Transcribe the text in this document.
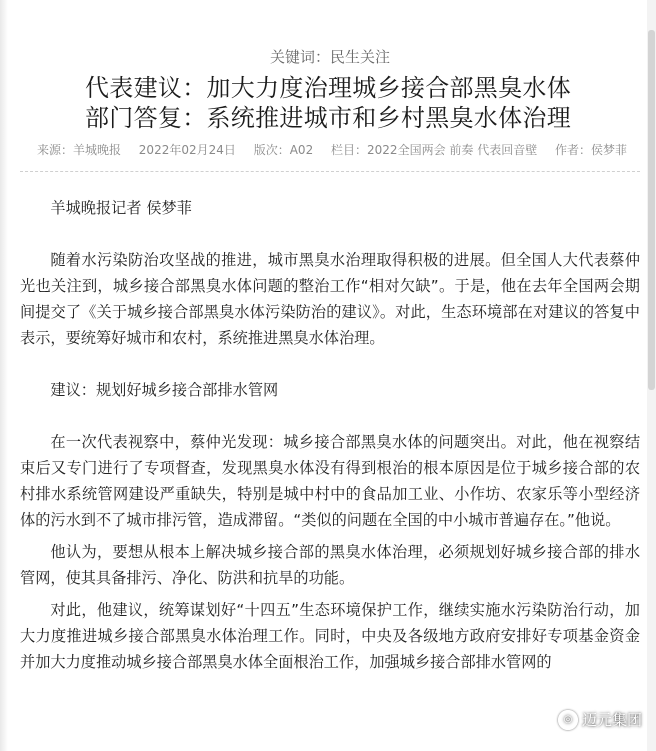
关键词：民生关注
代表建议：加大力度治理城乡接合部黑臭水体
部门答复：系统推进城市和乡村黑臭水体治理
来源：羊城晚报 2022年02月24日 版次：A02 栏目：2022全国两会 前奏 代表回音壁 作者：侯梦菲

羊城晚报记者 侯梦菲

随着水污染防治攻坚战的推进，城市黑臭水治理取得积极的进展。但全国人大代表蔡仲光也关注到，城乡接合部黑臭水体问题的整治工作“相对欠缺”。于是，他在去年全国两会期间提交了《关于城乡接合部黑臭水体污染防治的建议》。对此，生态环境部在对建议的答复中表示，要统筹好城市和农村，系统推进黑臭水体治理。

建议：规划好城乡接合部排水管网

在一次代表视察中，蔡仲光发现：城乡接合部黑臭水体的问题突出。对此，他在视察结束后又专门进行了专项督查，发现黑臭水体没有得到根治的根本原因是位于城乡接合部的农村排水系统管网建设严重缺失，特别是城中村中的食品加工业、小作坊、农家乐等小型经济体的污水到不了城市排污管，造成滞留。“类似的问题在全国的中小城市普遍存在。”他说。

他认为，要想从根本上解决城乡接合部的黑臭水体治理，必须规划好城乡接合部的排水管网，使其具备排污、净化、防洪和抗旱的功能。

对此，他建议，统筹谋划好“十四五”生态环境保护工作，继续实施水污染防治行动，加大力度推进城乡接合部黑臭水体治理工作。同时，中央及各级地方政府安排好专项基金资金并加大力度推动城乡接合部黑臭水体全面根治工作，加强城乡接合部排水管网的

◎ 迈元集团
